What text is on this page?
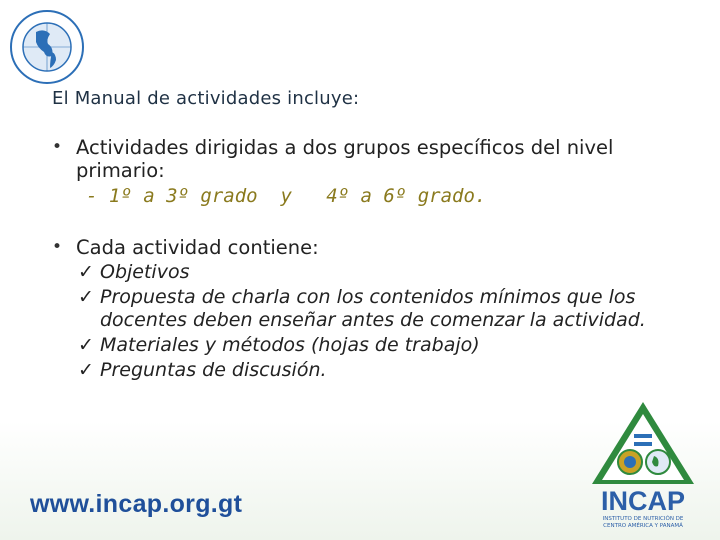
El Manual de actividades incluye:
• Actividades dirigidas a dos grupos específicos del nivel primario:
- 1º a 3º grado  y   4º a 6º grado.
• Cada actividad contiene:
✓ Objetivos
✓ Propuesta de charla con los contenidos mínimos que los docentes deben enseñar antes de comenzar la actividad.
✓ Materiales y métodos (hojas de trabajo)
✓ Preguntas de discusión.
www.incap.org.gt	INCAP
INSTITUTO DE NUTRICIÓN DE
CENTRO AMÉRICA Y PANAMÁ
